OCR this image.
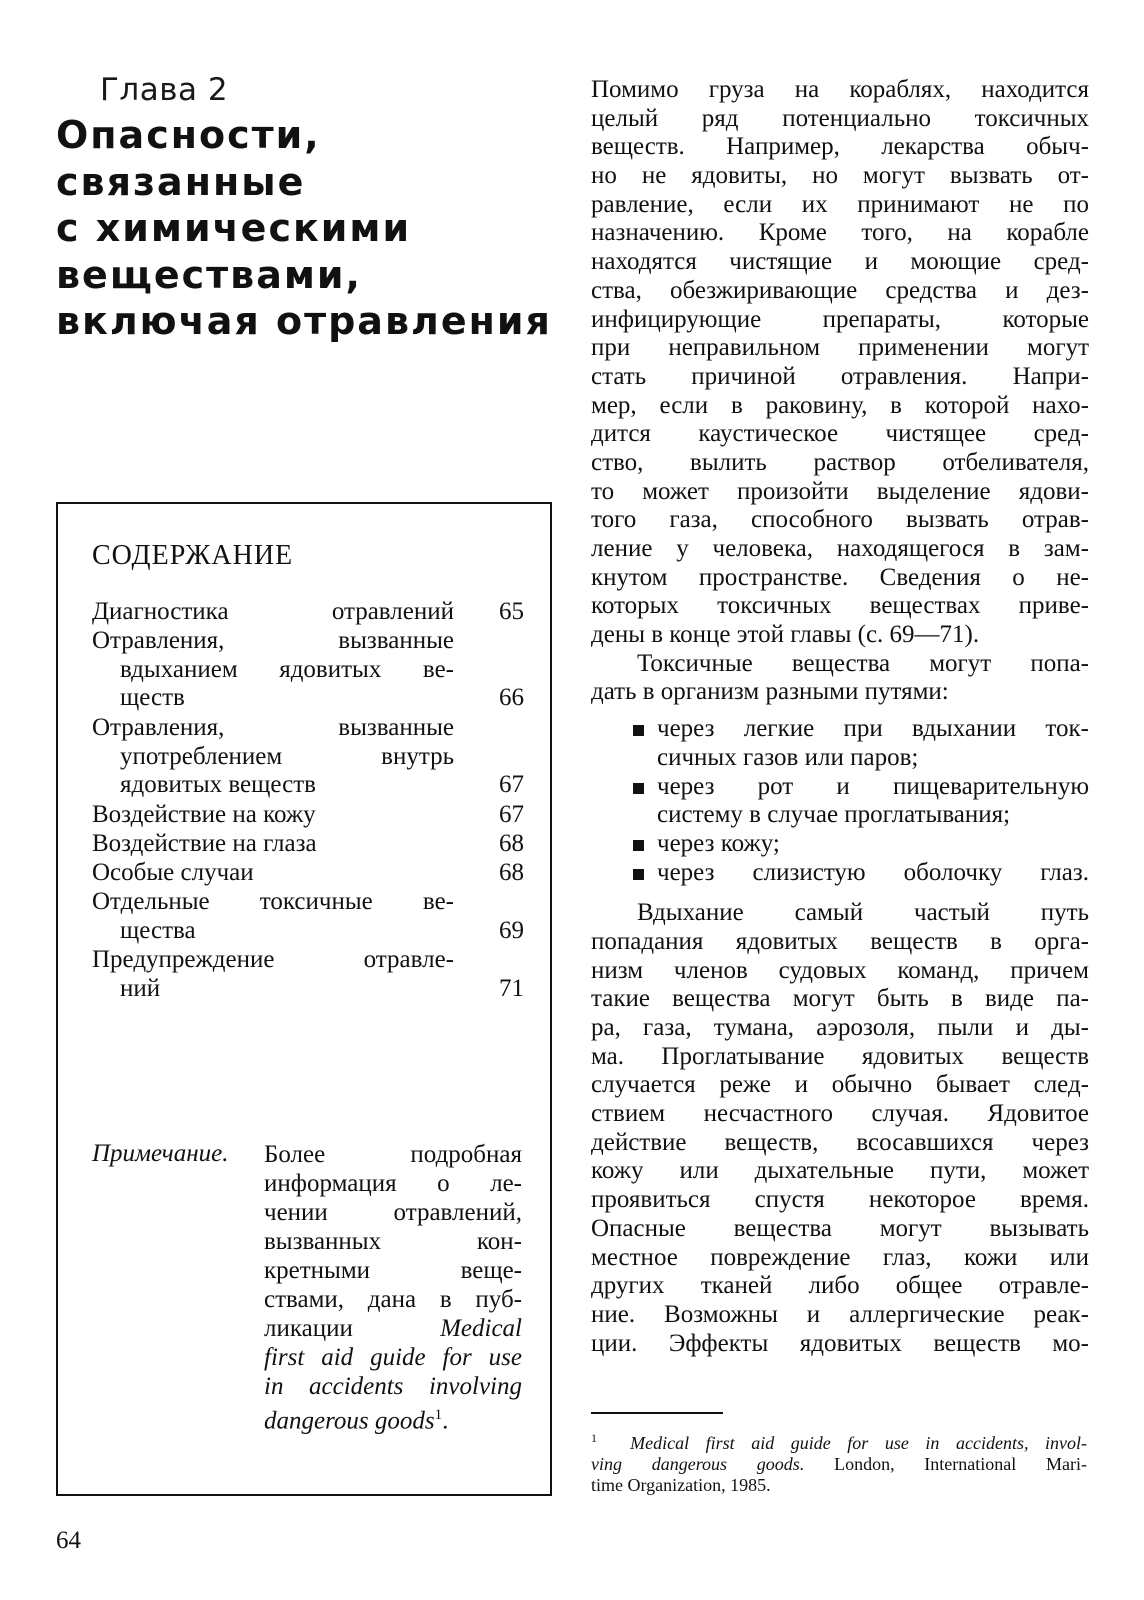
Глава 2
Опасности,
связанные
с химическими
веществами,
включая отравления
СОДЕРЖАНИЕ
Диагностика отравлений	65
Отравления, вызванные
вдыханием ядовитых ве-
ществ	66
Отравления, вызванные
употреблением внутрь
ядовитых веществ	67
Воздействие на кожу	67
Воздействие на глаза	68
Особые случаи	68
Отдельные токсичные ве-
щества	69
Предупреждение отравле-
ний	71
Примечание. Более подробная
информация о ле-
чении отравлений,
вызванных кон-
кретными веще-
ствами, дана в пуб-
ликации	Medical
first aid guide for use
in accidents involving
dangerous goods$^1$.
Помимо груза на кораблях, находится
целый ряд потенциально токсичных
веществ. Например, лекарства обыч-
но не ядовиты, но могут вызвать от-
равление, если их принимают не по
назначению. Кроме того, на корабле
находятся чистящие и моющие сред-
ства, обезжиривающие средства и дез-
инфицирующие препараты, которые
при неправильном применении могут
стать причиной отравления. Напри-
мер, если в раковину, в которой нахо-
дится каустическое чистящее сред-
ство, вылить раствор отбеливателя,
то может произойти выделение ядови-
того газа, способного вызвать отрав-
ление у человека, находящегося в зам-
кнутом пространстве. Сведения о не-
которых токсичных веществах приве-
дены в конце этой главы (с. 69—71).
Токсичные вещества могут попа-
дать в организм разными путями:
через легкие при вдыхании ток-
сичных газов или паров;
через рот и пищеварительную
систему в случае проглатывания;
через кожу;
через слизистую оболочку глаз.
Вдыхание самый частый путь
попадания ядовитых веществ в орга-
низм членов судовых команд, причем
такие вещества могут быть в виде па-
ра, газа, тумана, аэрозоля, пыли и ды-
ма. Проглатывание ядовитых веществ
случается реже и обычно бывает след-
ствием несчастного случая. Ядовитое
действие веществ, всосавшихся через
кожу или дыхательные пути, может
проявиться спустя некоторое время.
Опасные вещества могут вызывать
местное повреждение глаз, кожи или
других тканей либо общее отравле-
ние. Возможны и аллергические реак-
ции. Эффекты ядовитых веществ мо-
$^1$ Medical first aid guide for use in accidents, invol-
ving dangerous goods. London, International Mari-
time Organization, 1985.
64
